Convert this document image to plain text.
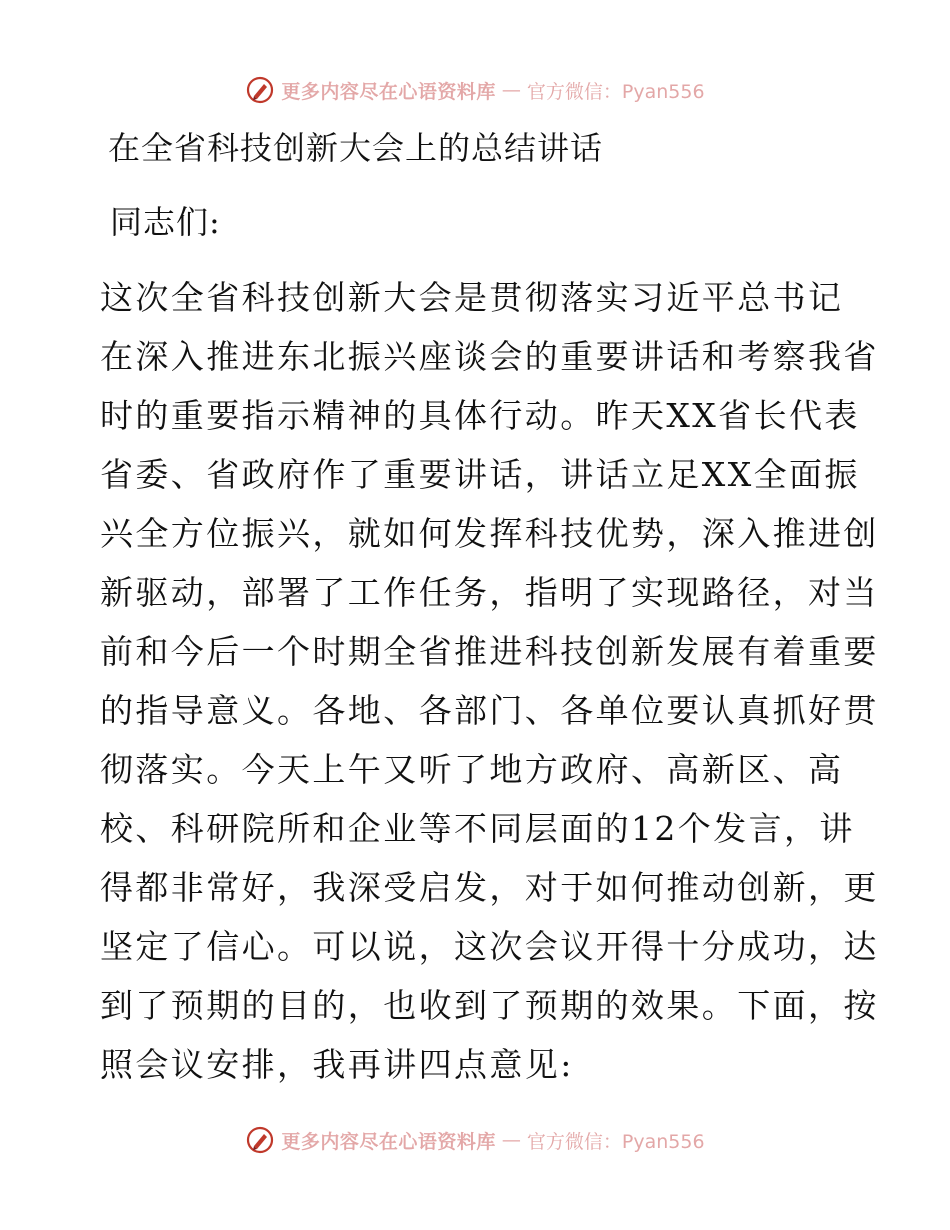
更多内容尽在心语资料库 — 官方微信：Pyan556
在全省科技创新大会上的总结讲话
同志们:
这次全省科技创新大会是贯彻落实习近平总书记
在深入推进东北振兴座谈会的重要讲话和考察我省
时的重要指示精神的具体行动。昨天XX省长代表
省委、省政府作了重要讲话，讲话立足XX全面振
兴全方位振兴，就如何发挥科技优势，深入推进创
新驱动，部署了工作任务，指明了实现路径，对当
前和今后一个时期全省推进科技创新发展有着重要
的指导意义。各地、各部门、各单位要认真抓好贯
彻落实。今天上午又听了地方政府、高新区、高
校、科研院所和企业等不同层面的12个发言，讲
得都非常好，我深受启发，对于如何推动创新，更
坚定了信心。可以说，这次会议开得十分成功，达
到了预期的目的，也收到了预期的效果。下面，按
照会议安排，我再讲四点意见:
更多内容尽在心语资料库 — 官方微信：Pyan556
